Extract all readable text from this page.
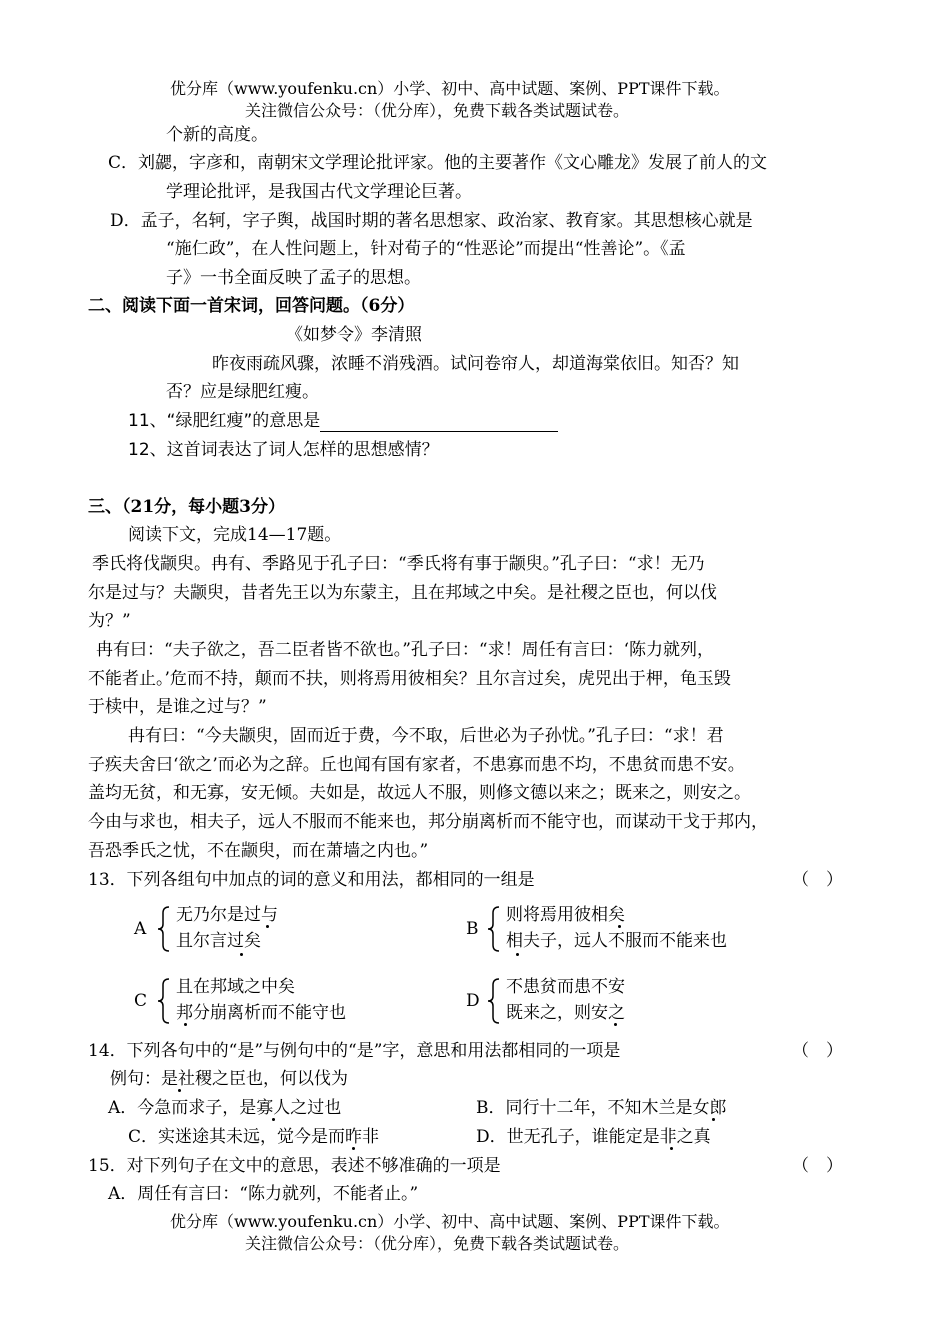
优分库（www.youfenku.cn）小学、初中、高中试题、案例、PPT课件下载。
关注微信公众号：（优分库），免费下载各类试题试卷。
个新的高度。
C．刘勰，字彦和，南朝宋文学理论批评家。他的主要著作《文心雕龙》发展了前人的文
学理论批评，是我国古代文学理论巨著。
D．孟子，名轲，字子舆，战国时期的著名思想家、政治家、教育家。其思想核心就是
“施仁政”，在人性问题上，针对荀子的“性恶论”而提出“性善论”。《孟
子》一书全面反映了孟子的思想。
二、阅读下面一首宋词，回答问题。（6分）
《如梦令》李清照
昨夜雨疏风骤，浓睡不消残酒。试问卷帘人，却道海棠依旧。知否？知
否？应是绿肥红瘦。
11、“绿肥红瘦”的意思是
12、这首词表达了词人怎样的思想感情？
三、（21分，每小题3分）
阅读下文，完成14—17题。
季氏将伐颛臾。冉有、季路见于孔子曰：“季氏将有事于颛臾。”孔子曰：“求！无乃
尔是过与？夫颛臾，昔者先王以为东蒙主，且在邦域之中矣。是社稷之臣也，何以伐
为？”
冉有曰：“夫子欲之，吾二臣者皆不欲也。”孔子曰：“求！周任有言曰：‘陈力就列，
不能者止。’危而不持，颠而不扶，则将焉用彼相矣？且尔言过矣，虎兕出于柙，龟玉毁
于椟中，是谁之过与？”
冉有曰：“今夫颛臾，固而近于费，今不取，后世必为子孙忧。”孔子曰：“求！君
子疾夫舍曰‘欲之’而必为之辞。丘也闻有国有家者，不患寡而患不均，不患贫而患不安。
盖均无贫，和无寡，安无倾。夫如是，故远人不服，则修文德以来之；既来之，则安之。
今由与求也，相夫子，远人不服而不能来也，邦分崩离析而不能守也，而谋动干戈于邦内，
吾恐季氏之忧，不在颛臾，而在萧墙之内也。”
13．下列各组句中加点的词的意义和用法，都相同的一组是	（　）
A
无乃尔是过与
且尔言过矣
B
则将焉用彼相矣
相夫子，远人不服而不能来也
C
且在邦域之中矣
邦分崩离析而不能守也
D
不患贫而患不安
既来之，则安之
14．下列各句中的“是”与例句中的“是”字，意思和用法都相同的一项是	（　）
例句：是社稷之臣也，何以伐为
A．今急而求子，是寡人之过也	B．同行十二年，不知木兰是女郎
C．实迷途其未远，觉今是而昨非	D．世无孔子，谁能定是非之真
15．对下列句子在文中的意思，表述不够准确的一项是	（　）
A．周任有言曰：“陈力就列，不能者止。”
优分库（www.youfenku.cn）小学、初中、高中试题、案例、PPT课件下载。
关注微信公众号：（优分库），免费下载各类试题试卷。
